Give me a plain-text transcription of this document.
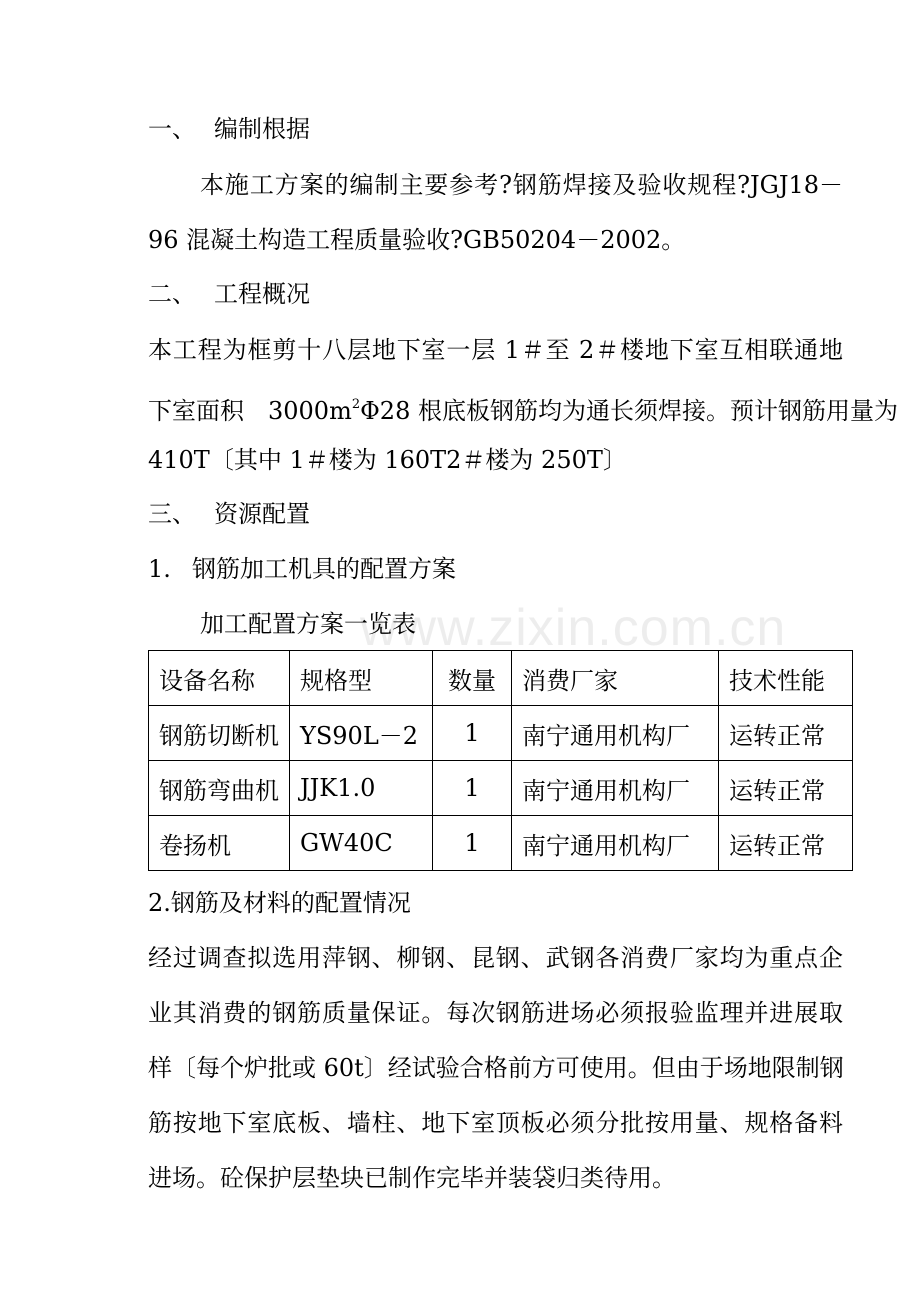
一、 编制根据
本施工方案的编制主要参考?钢筋焊接及验收规程?JGJ18－
96 混凝土构造工程质量验收?GB50204－2002。
二、 工程概况
本工程为框剪十八层地下室一层 1＃至 2＃楼地下室互相联通地
下室面积　$3000m^2\Phi 28$ 根底板钢筋均为通长须焊接。预计钢筋用量为
410T〔其中 1＃楼为 160T2＃楼为 250T〕
三、 资源配置
1. 钢筋加工机具的配置方案
加工配置方案一览表
www.zixin.com.cn
设备名称	规格型	数量	消费厂家	技术性能
钢筋切断机	YS90L－2	1	南宁通用机构厂	运转正常
钢筋弯曲机	JJK1.0	1	南宁通用机构厂	运转正常
卷扬机	GW40C	1	南宁通用机构厂	运转正常
2.钢筋及材料的配置情况
经过调查拟选用萍钢、柳钢、昆钢、武钢各消费厂家均为重点企
业其消费的钢筋质量保证。每次钢筋进场必须报验监理并进展取
样〔每个炉批或 60t〕经试验合格前方可使用。但由于场地限制钢
筋按地下室底板、墙柱、地下室顶板必须分批按用量、规格备料
进场。砼保护层垫块已制作完毕并装袋归类待用。
